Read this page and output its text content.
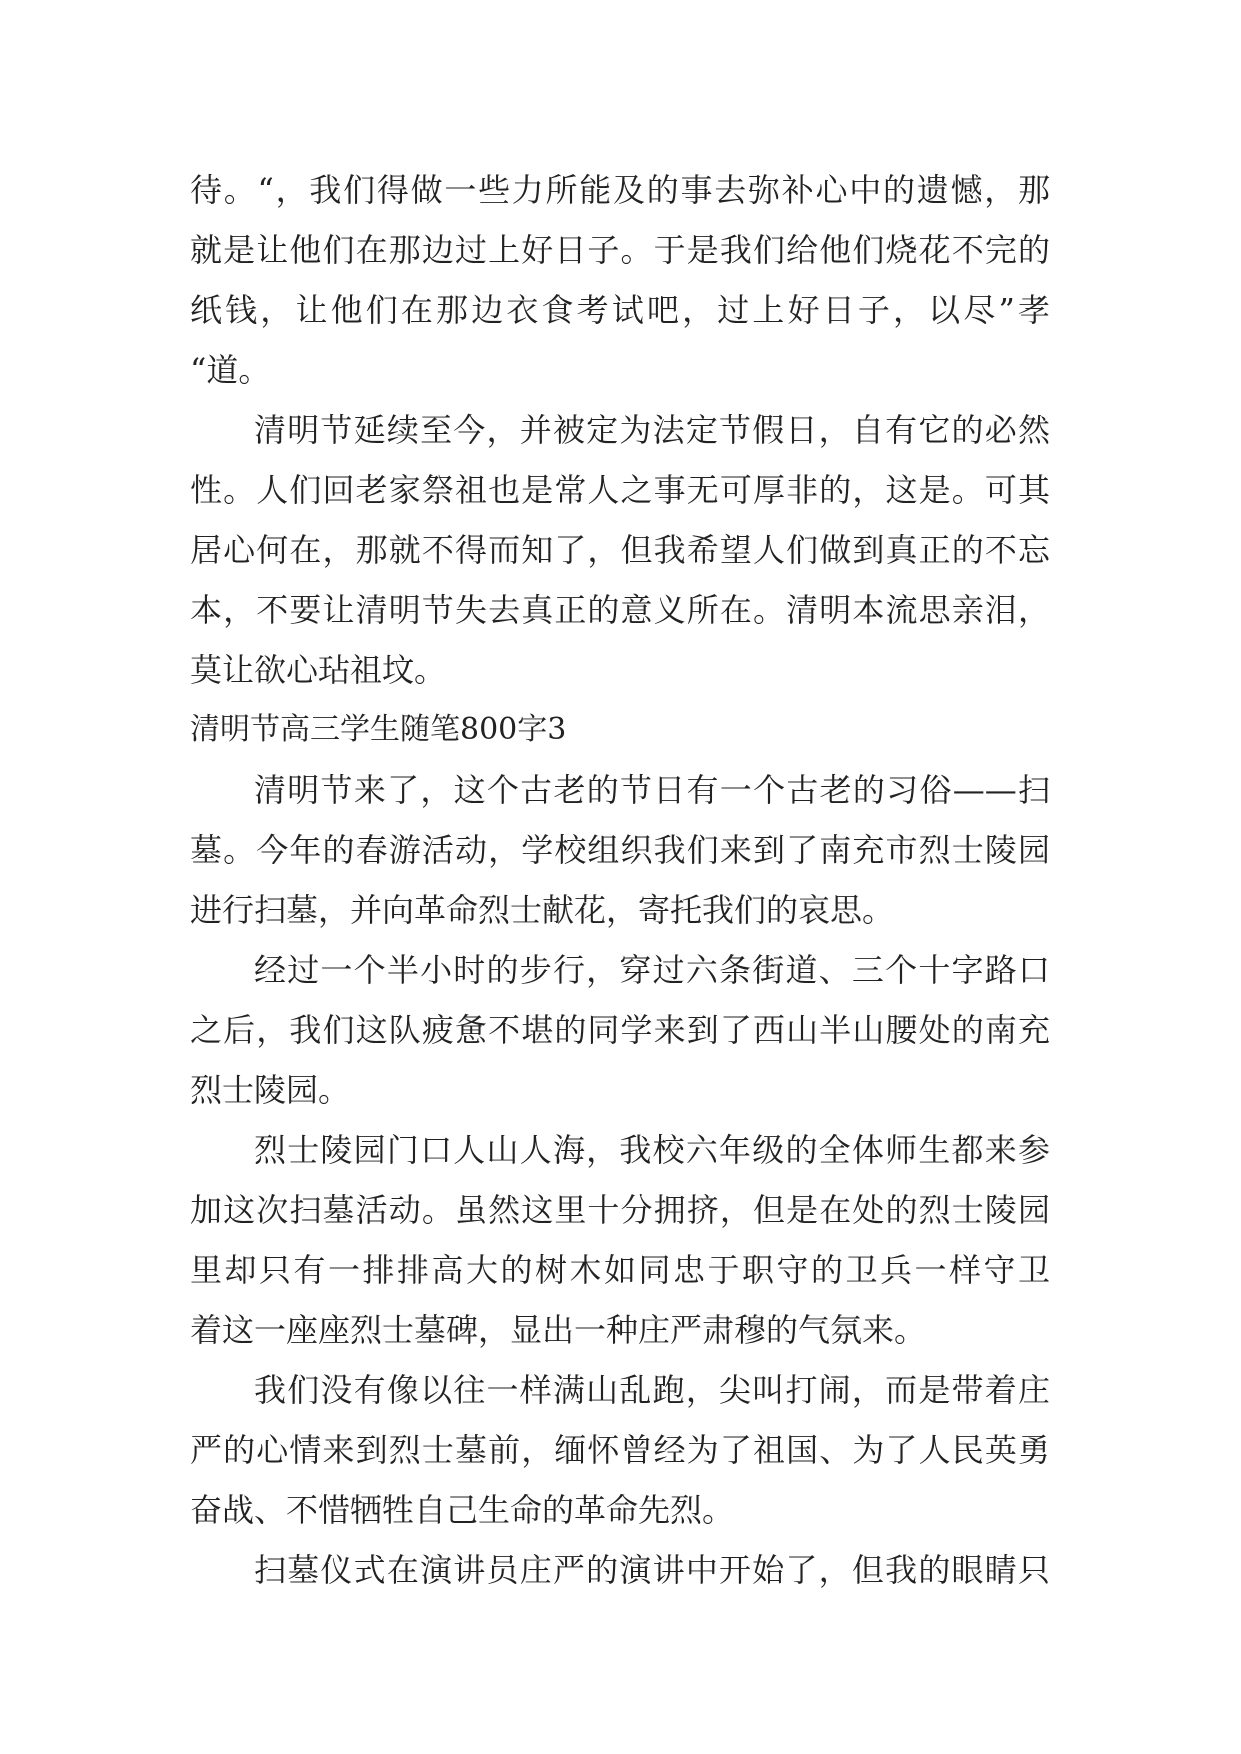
待。“，我们得做一些力所能及的事去弥补心中的遗憾，那
就是让他们在那边过上好日子。于是我们给他们烧花不完的
纸钱，让他们在那边衣食考试吧，过上好日子，以尽”孝
“道。
清明节延续至今，并被定为法定节假日，自有它的必然
性。人们回老家祭祖也是常人之事无可厚非的，这是。可其
居心何在，那就不得而知了，但我希望人们做到真正的不忘
本，不要让清明节失去真正的意义所在。清明本流思亲泪，
莫让欲心玷祖坟。
清明节高三学生随笔800字3
清明节来了，这个古老的节日有一个古老的习俗——扫
墓。今年的春游活动，学校组织我们来到了南充市烈士陵园
进行扫墓，并向革命烈士献花，寄托我们的哀思。
经过一个半小时的步行，穿过六条街道、三个十字路口
之后，我们这队疲惫不堪的同学来到了西山半山腰处的南充
烈士陵园。
烈士陵园门口人山人海，我校六年级的全体师生都来参
加这次扫墓活动。虽然这里十分拥挤，但是在处的烈士陵园
里却只有一排排高大的树木如同忠于职守的卫兵一样守卫
着这一座座烈士墓碑，显出一种庄严肃穆的气氛来。
我们没有像以往一样满山乱跑，尖叫打闹，而是带着庄
严的心情来到烈士墓前，缅怀曾经为了祖国、为了人民英勇
奋战、不惜牺牲自己生命的革命先烈。
扫墓仪式在演讲员庄严的演讲中开始了，但我的眼睛只
